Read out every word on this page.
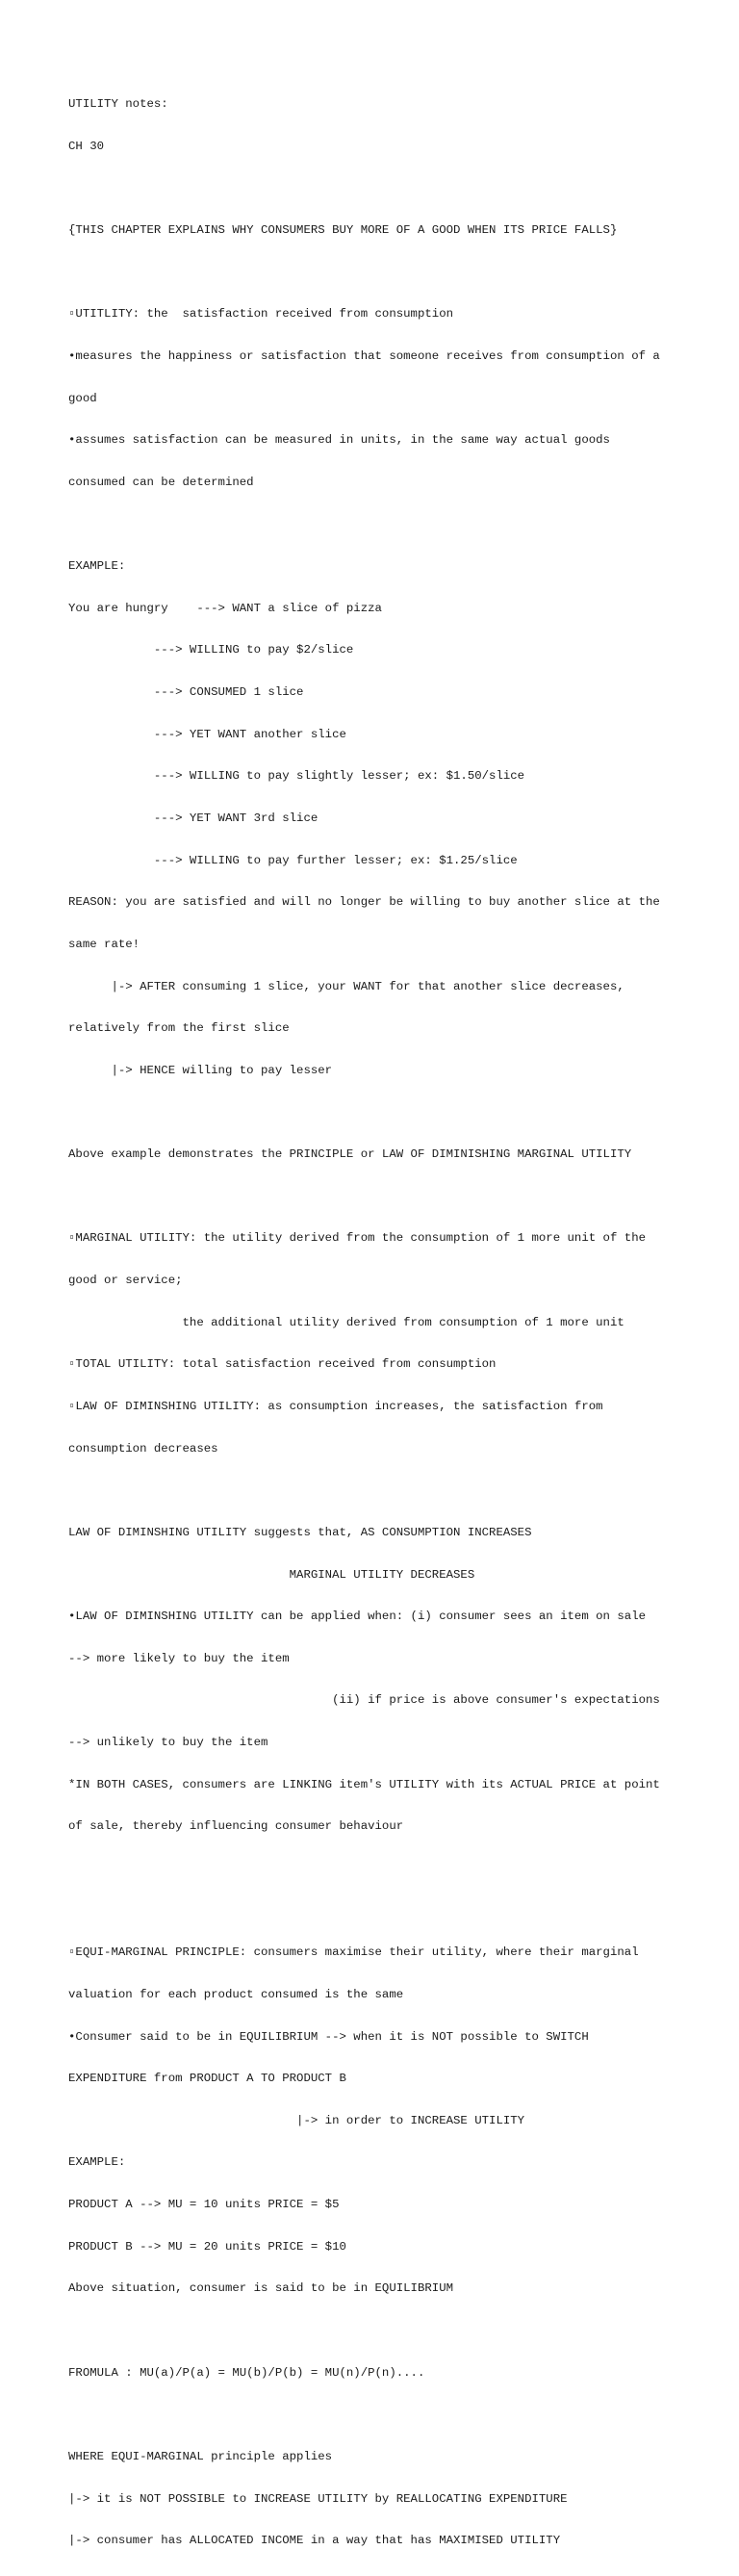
UTILITY notes:

CH 30

{THIS CHAPTER EXPLAINS WHY CONSUMERS BUY MORE OF A GOOD WHEN ITS PRICE FALLS}

▫UTITLITY: the  satisfaction received from consumption

•measures the happiness or satisfaction that someone receives from consumption of a

good

•assumes satisfaction can be measured in units, in the same way actual goods

consumed can be determined

EXAMPLE:

You are hungry    ---> WANT a slice of pizza

---> WILLING to pay $2/slice

---> CONSUMED 1 slice

---> YET WANT another slice

---> WILLING to pay slightly lesser; ex: $1.50/slice

---> YET WANT 3rd slice

---> WILLING to pay further lesser; ex: $1.25/slice

REASON: you are satisfied and will no longer be willing to buy another slice at the

same rate!

|-> AFTER consuming 1 slice, your WANT for that another slice decreases,

relatively from the first slice

|-> HENCE willing to pay lesser

Above example demonstrates the PRINCIPLE or LAW OF DIMINISHING MARGINAL UTILITY

▫MARGINAL UTILITY: the utility derived from the consumption of 1 more unit of the

good or service;

the additional utility derived from consumption of 1 more unit

▫TOTAL UTILITY: total satisfaction received from consumption

▫LAW OF DIMINSHING UTILITY: as consumption increases, the satisfaction from

consumption decreases

LAW OF DIMINSHING UTILITY suggests that, AS CONSUMPTION INCREASES

MARGINAL UTILITY DECREASES

•LAW OF DIMINSHING UTILITY can be applied when: (i) consumer sees an item on sale

--> more likely to buy the item

(ii) if price is above consumer's expectations

--> unlikely to buy the item

*IN BOTH CASES, consumers are LINKING item's UTILITY with its ACTUAL PRICE at point

of sale, thereby influencing consumer behaviour

▫EQUI-MARGINAL PRINCIPLE: consumers maximise their utility, where their marginal

valuation for each product consumed is the same

•Consumer said to be in EQUILIBRIUM --> when it is NOT possible to SWITCH

EXPENDITURE from PRODUCT A TO PRODUCT B

|-> in order to INCREASE UTILITY

EXAMPLE:

PRODUCT A --> MU = 10 units PRICE = $5

PRODUCT B --> MU = 20 units PRICE = $10

Above situation, consumer is said to be in EQUILIBRIUM

FROMULA : MU(a)/P(a) = MU(b)/P(b) = MU(n)/P(n)....

WHERE EQUI-MARGINAL principle applies

|-> it is NOT POSSIBLE to INCREASE UTILITY by REALLOCATING EXPENDITURE

|-> consumer has ALLOCATED INCOME in a way that has MAXIMISED UTILITY
